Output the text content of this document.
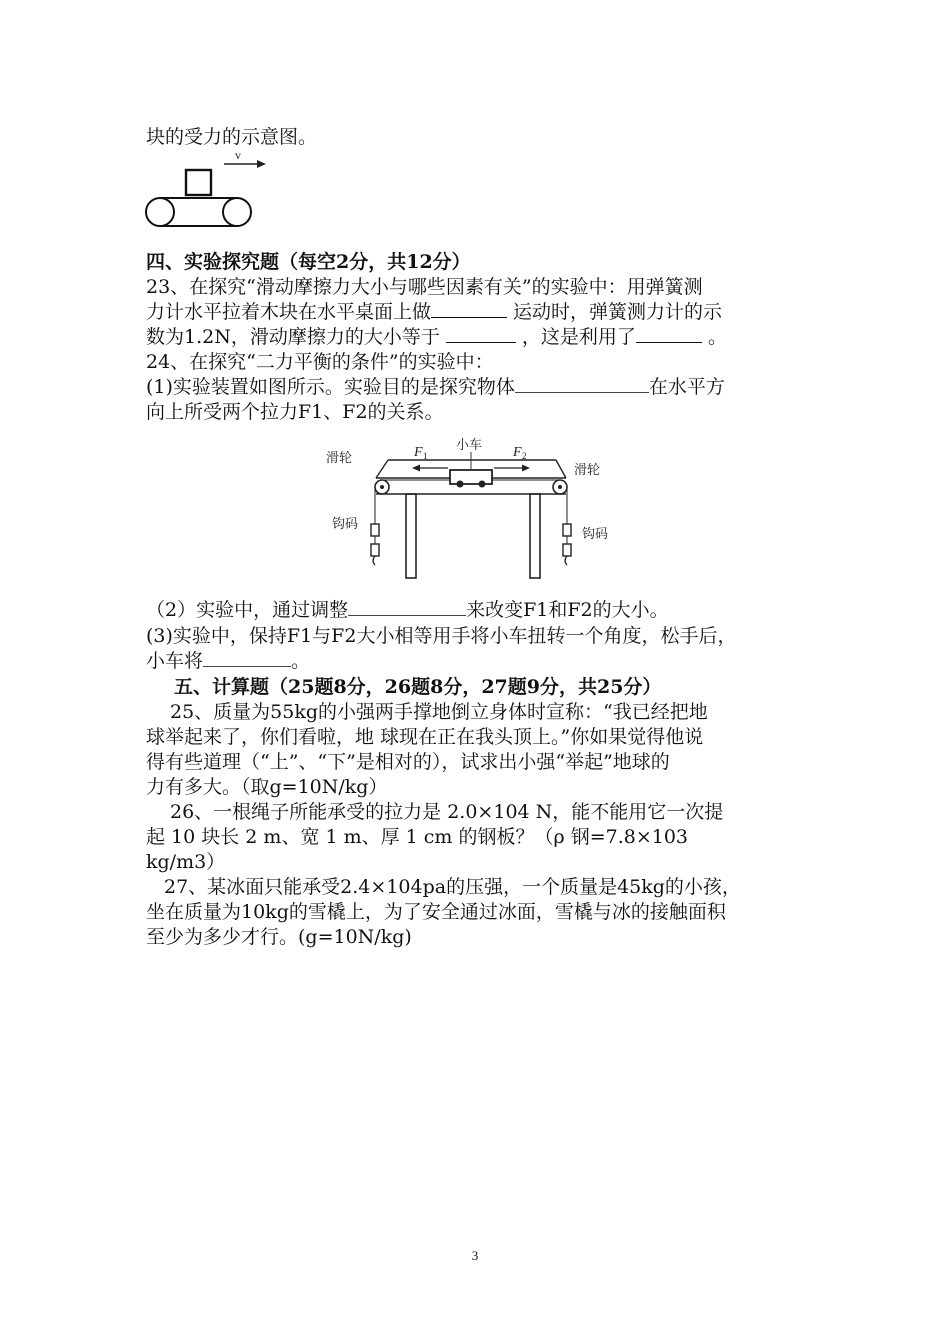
块的受力的示意图。
v
四、实验探究题（每空2分，共12分）
23、在探究“滑动摩擦力大小与哪些因素有关”的实验中：用弹簧测
力计水平拉着木块在水平桌面上做	运动时，弹簧测力计的示
数为1.2N，滑动摩擦力的大小等于	，这是利用了	。
24、在探究“二力平衡的条件”的实验中：
(1)实验装置如图所示。实验目的是探究物体	在水平方
向上所受两个拉力F1、F2的关系。
滑轮
滑轮
小车
F 1	F 2
钩码
钩码
（2）实验中，通过调整	来改变F1和F2的大小。
(3)实验中，保持F1与F2大小相等用手将小车扭转一个角度，松手后，
小车将	。
五、计算题（25题8分，26题8分，27题9分，共25分）
25、质量为55kg的小强两手撑地倒立身体时宣称：“我已经把地
球举起来了，你们看啦，地 球现在正在我头顶上。”你如果觉得他说
得有些道理（“上”、“下”是相对的），试求出小强“举起”地球的
力有多大。（取g=10N/kg）
26、一根绳子所能承受的拉力是 2.0×104 N，能不能用它一次提
起 10 块长 2 m、宽 1 m、厚 1 cm 的钢板？（ρ 钢=7.8×103
kg/m3）
27、某冰面只能承受2.4×104pa的压强，一个质量是45kg的小孩，
坐在质量为10kg的雪橇上，为了安全通过冰面，雪橇与冰的接触面积
至少为多少才行。(g=10N/kg)
3
